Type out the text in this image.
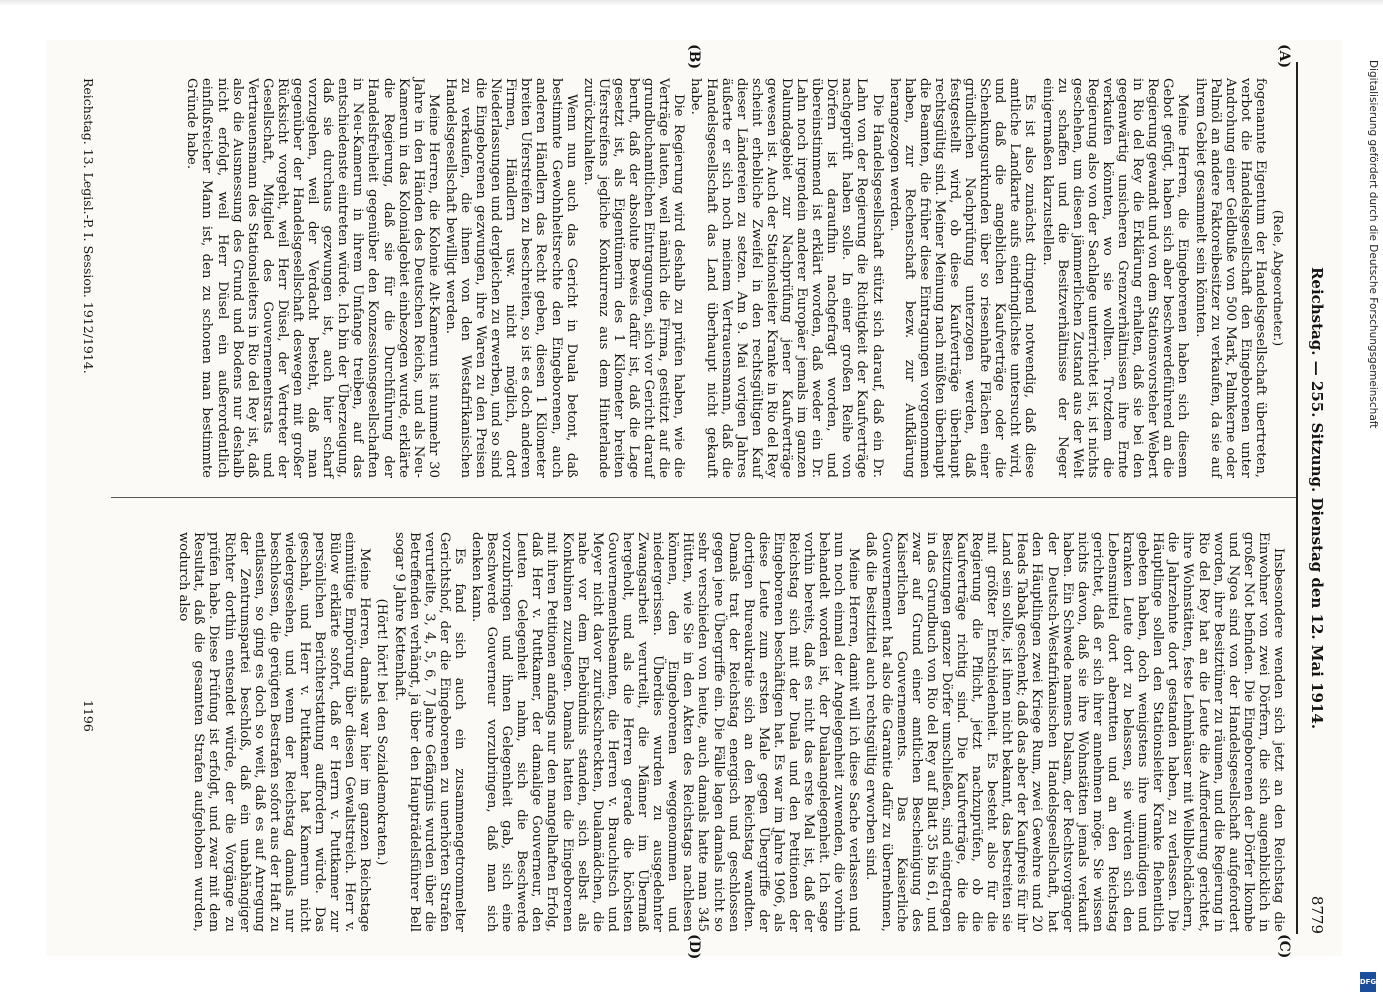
Reichstag. — 255. Sitzung. Dienstag den 12. Mai 1914.
8779
(A)
(B)
(C)
(D)
(Rele, Abgeordneter.)

fogenannte Eigentum der Handelsgesellschaft übertreten, verbot die Handelsgesellschaft den Eingeborenen unter Androhung einer Geldbuße von 500 Mark, Palmkerne oder Palmöl an andere Faktoreibesitzer zu verkaufen, da sie auf ihrem Gebiet gesammelt sein könnten.

Meine Herren, die Eingeborenen haben sich diesem Gebot gefügt, haben sich aber beschwerdeführend an die Regierung gewandt und von dem Stationsvorsteher Webert in Rio del Rey die Erklärung erhalten, daß sie bei den gegenwärtig unsicheren Grenzverhältnissen ihre Ernte verkaufen könnten, wo sie wollten. Trotzdem die Regierung also von der Sachlage unterrichtet ist, ist nichts geschehen, um diesen jämmerlichen Zustand aus der Welt zu schaffen und die Besitzverhältnisse der Neger einigermaßen klarzustellen.

Es ist also zunächst dringend notwendig, daß diese amtliche Landkarte aufs eindringlichste untersucht wird, und daß die angeblichen Kaufverträge oder die Schenkungsurkunden über so riesenhafte Flächen einer gründlichen Nachprüfung unterzogen werden, daß festgestellt wird, ob diese Kaufverträge überhaupt rechtsgültig sind. Meiner Meinung nach müßten überhaupt die Beamten, die früher diese Eintragungen vorgenommen haben, zur Rechenschaft bezw. zur Aufklärung herangezogen werden.

Die Handelsgesellschaft stützt sich darauf, daß ein Dr. Lahn von der Regierung die Richtigkeit der Kaufverträge nachgeprüft haben solle. In einer großen Reihe von Dörfern ist daraufhin nachgefragt worden, und übereinstimmend ist erklärt worden, daß weder ein Dr. Lahn noch irgendein anderer Europäer jemals im ganzen Dalumdagebiet zur Nachprüfung jener Kaufverträge gewesen ist. Auch der Stationsleiter Kranke in Rio del Rey scheint erhebliche Zweifel in den rechtsgültigen Kauf dieser Ländereien zu setzen. Am 9. Mai vorigen Jahres äußerte er sich noch meinem Vertrauensmann, daß die Handelsgesellschaft das Land überhaupt nicht gekauft habe.

Die Regierung wird deshalb zu prüfen haben, wie die Verträge lauten, weil nämlich die Firma, gestützt auf die grundbuchamtlichen Eintragungen, sich vor Gericht darauf beruft, daß der absolute Beweis dafür ist, daß die Lage gesetzt ist, als Eigentümerin des 1 Kilometer breiten Uferstreifens jegliche Konkurrenz aus dem Hinterlande zurückzuhalten.

Wenn nun auch das Gericht in Duala betont, daß bestimmte Gewohnheitsrechte den Eingeborenen, auch anderen Händlern das Recht geben, diesen 1 Kilometer breiten Uferstreifen zu beschreiten, so ist es doch anderen Firmen, Händlern usw. nicht möglich, dort Niederlassungen und dergleichen zu erwerben, und so sind die Eingeborenen gezwungen, ihre Waren zu den Preisen zu verkaufen, die ihnen von den Westafrikanischen Handelsgesellschaft bewilligt werden.

Meine Herren, die Kolonie Alt-Kamerun ist nunmehr 30 Jahre in den Händen des Deutschen Reichs, und als Neu-Kamerun in das Kolonialgebiet einbezogen wurde, erklärte die Regierung, daß sie für die Durchführung der Handelsfreiheit gegenüber den Konzessionsgesellschaften in Neu-Kamerun in ihrem Umfange treiben, auf das entschiedenste eintreten würde. Ich bin der Überzeugung, daß sie durchaus gezwungen ist, auch hier scharf vorzugehen, weil der Verdacht besteht, daß man gegenüber der Handelsgesellschaft deswegen mit großer Rücksicht vorgeht, weil Herr Düsel, der Vertreter der Gesellschaft, Mitglied des Gouvernementsrats und Vertrauensmann des Stationsleiters in Rio del Rey ist, daß also die Ausmessung des Grund und Bodens nur deshalb nicht erfolgt, weil Herr Düsel ein außerordentlich einflußreicher Mann ist, den zu schonen man bestimmte Gründe habe.

Insbesondere wenden sich jetzt an den Reichstag die Einwohner von zwei Dörfern, die sich augenblicklich in großer Not befinden. Die Eingeborenen der Dörfer Ikombe und Ngoa sind von der Handelsgesellschaft aufgefordert worden, ihre Besitztümer zu räumen, und die Regierung in Rio del Rey hat an die Leute die Aufforderung gerichtet, ihre Wohnstätten, feste Lehmhäuser mit Wellblechdächern, die Jahrzehnte dort gestanden haben, zu verlassen. Die Häuptlinge sollen den Stationsleiter Kranke flehentlich gebeten haben, doch wenigstens ihre unmündigen und kranken Leute dort zu belassen, sie würden sich den Lebensmittel dort aberntten und an den Reichstag gerichtet, daß er sich ihrer annehmen möge. Sie wissen nichts davon, daß sie ihre Wohnstätten jemals verkauft haben. Ein Schwede namens Dalsam, der Rechtsvorgänger der Deutsch-Westafrikanischen Handelsgesellschaft, hat den Häuptlingen zwei Kriege Rum, zwei Gewehre und 20 Heads Tabak geschenkt; daß das aber der Kaufpreis für ihr Land sein sollte, ist ihnen nicht bekannt, das bestreiten sie mit größter Entschiedenheit. Es besteht also für die Regierung die Pflicht, jetzt nachzuprüfen, ob die Kaufverträge richtig sind. Die Kaufverträge, die die Besitzungen ganzer Dörfer umschließen, sind eingetragen in das Grundbuch von Rio del Rey auf Blatt 35 bis 61, und zwar auf Grund einer amtlichen Bescheinigung des Kaiserlichen Gouvernements. Das Kaiserliche Gouvernement hat also die Garantie dafür zu übernehmen, daß die Besitztitel auch rechtsgültig erworben sind.

Meine Herren, damit will ich diese Sache verlassen und nun noch einmal der Angelegenheit zuwenden, die vorhin behandelt worden ist, der Dualaangelegenheit. Ich sage vorhin bereits, daß es nicht das erste Mal ist, daß der Reichstag sich mit der Duala und den Petitionen der Eingeborenen beschäftigen hat. Es war im Jahre 1906, als diese Leute zum ersten Male gegen Übergriffe der dortigen Bureaukratie sich an den Reichstag wandten. Damals trat der Reichstag energisch und geschlossen gegen jene Übergriffe ein. Die Fälle lagen damals nicht so sehr verschieden von heute, auch damals hatte man 345 Hütten, wie Sie in den Akten des Reichstags nachlesen können, den Eingeborenen weggenommen und niedergerissen. Überdies wurden zu ausgedehnter Zwangsarbeit verurteilt, die Männer im Übermaß hergeholt, und als die Herren gerade die höchsten Gouvernementsbeamten, die Herren v. Brauchitsch und Meyer nicht davor zurückschreckten, Dualamädchen, die nahe vor dem Ehebündnis standen, sich selbst als Konkubinen zuzulegen. Damals hatten die Eingeborenen mit ihren Petitionen anfangs nur den mangelhaften Erfolg, daß Herr v. Puttkamer, der damalige Gouverneur, den Leuten Gelegenheit nahm, sich die Beschwerde vorzubringen und ihnen Gelegenheit gab, sich eine Beschwerde Gouverneur vorzubringen, daß man sich denken kann.

Es fand sich auch ein zusammengetrommelter Gerichtshof, der die Eingeborenen zu unerhörten Strafen verurteilte, 3, 4, 5, 6, 7 Jahre Gefängnis wurden über die Betreffenden verhängt, ja über den Haupträdelsführer Bell sogar 9 Jahre Kettenhaft.

(Hört! hört! bei den Sozialdemokraten.)

Meine Herren, damals war hier im ganzen Reichstage einmütige Empörung über diesen Gewaltstreich. Herr v. Bülow erklärte sofort, daß er Herrn v. Puttkamer zur persönlichen Berichterstattung auffordern würde. Das geschah, und Herr v. Puttkamer hat Kamerun nicht wiedergesehen, und wenn der Reichstag damals nur beschlossen, die gerügten Bestrafen sofort aus der Haft zu entlassen, so ging es doch so weit, daß es auf Anregung der Zentrumspartei beschloß, daß ein unabhängiger Richter dorthin entsendet würde, der die Vorgänge zu prüfen habe. Diese Prüfung ist erfolgt, und zwar mit dem Resultat, daß die gesamten Strafen aufgehoben wurden, wodurch also

Reichstag. 13. Legisl.-P. I. Session. 1912/1914.
1196
Digitalisierung gefördert durch die Deutsche Forschungsgemeinschaft
DFG
